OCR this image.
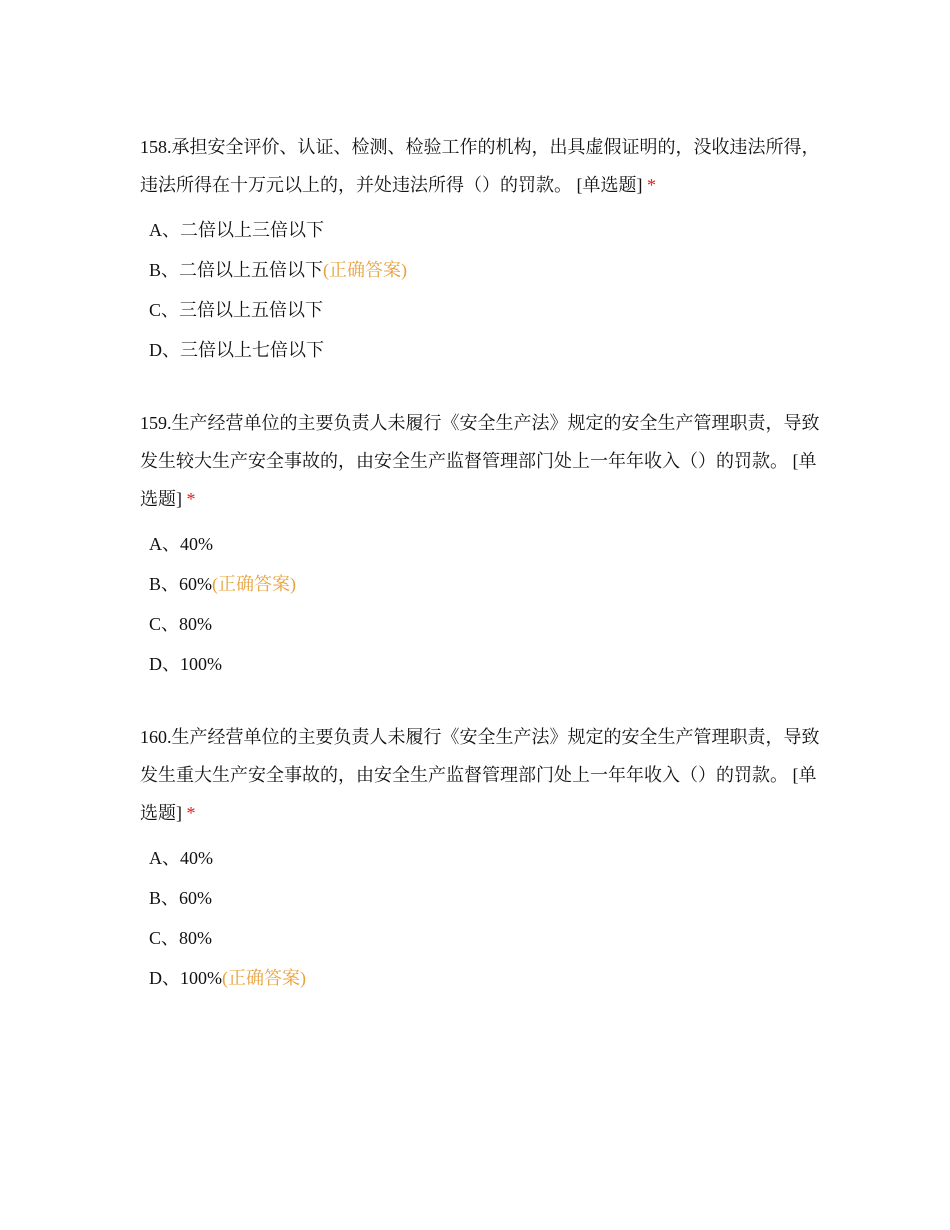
158.承担安全评价、认证、检测、检验工作的机构，出具虚假证明的，没收违法所得，违法所得在十万元以上的，并处违法所得（）的罚款。 [单选题] *

A、二倍以上三倍以下
B、二倍以上五倍以下(正确答案)
C、三倍以上五倍以下
D、三倍以上七倍以下

159.生产经营单位的主要负责人未履行《安全生产法》规定的安全生产管理职责，导致发生较大生产安全事故的，由安全生产监督管理部门处上一年年收入（）的罚款。 [单选题] *

A、40%
B、60%(正确答案)
C、80%
D、100%

160.生产经营单位的主要负责人未履行《安全生产法》规定的安全生产管理职责，导致发生重大生产安全事故的，由安全生产监督管理部门处上一年年收入（）的罚款。 [单选题] *

A、40%
B、60%
C、80%
D、100%(正确答案)
